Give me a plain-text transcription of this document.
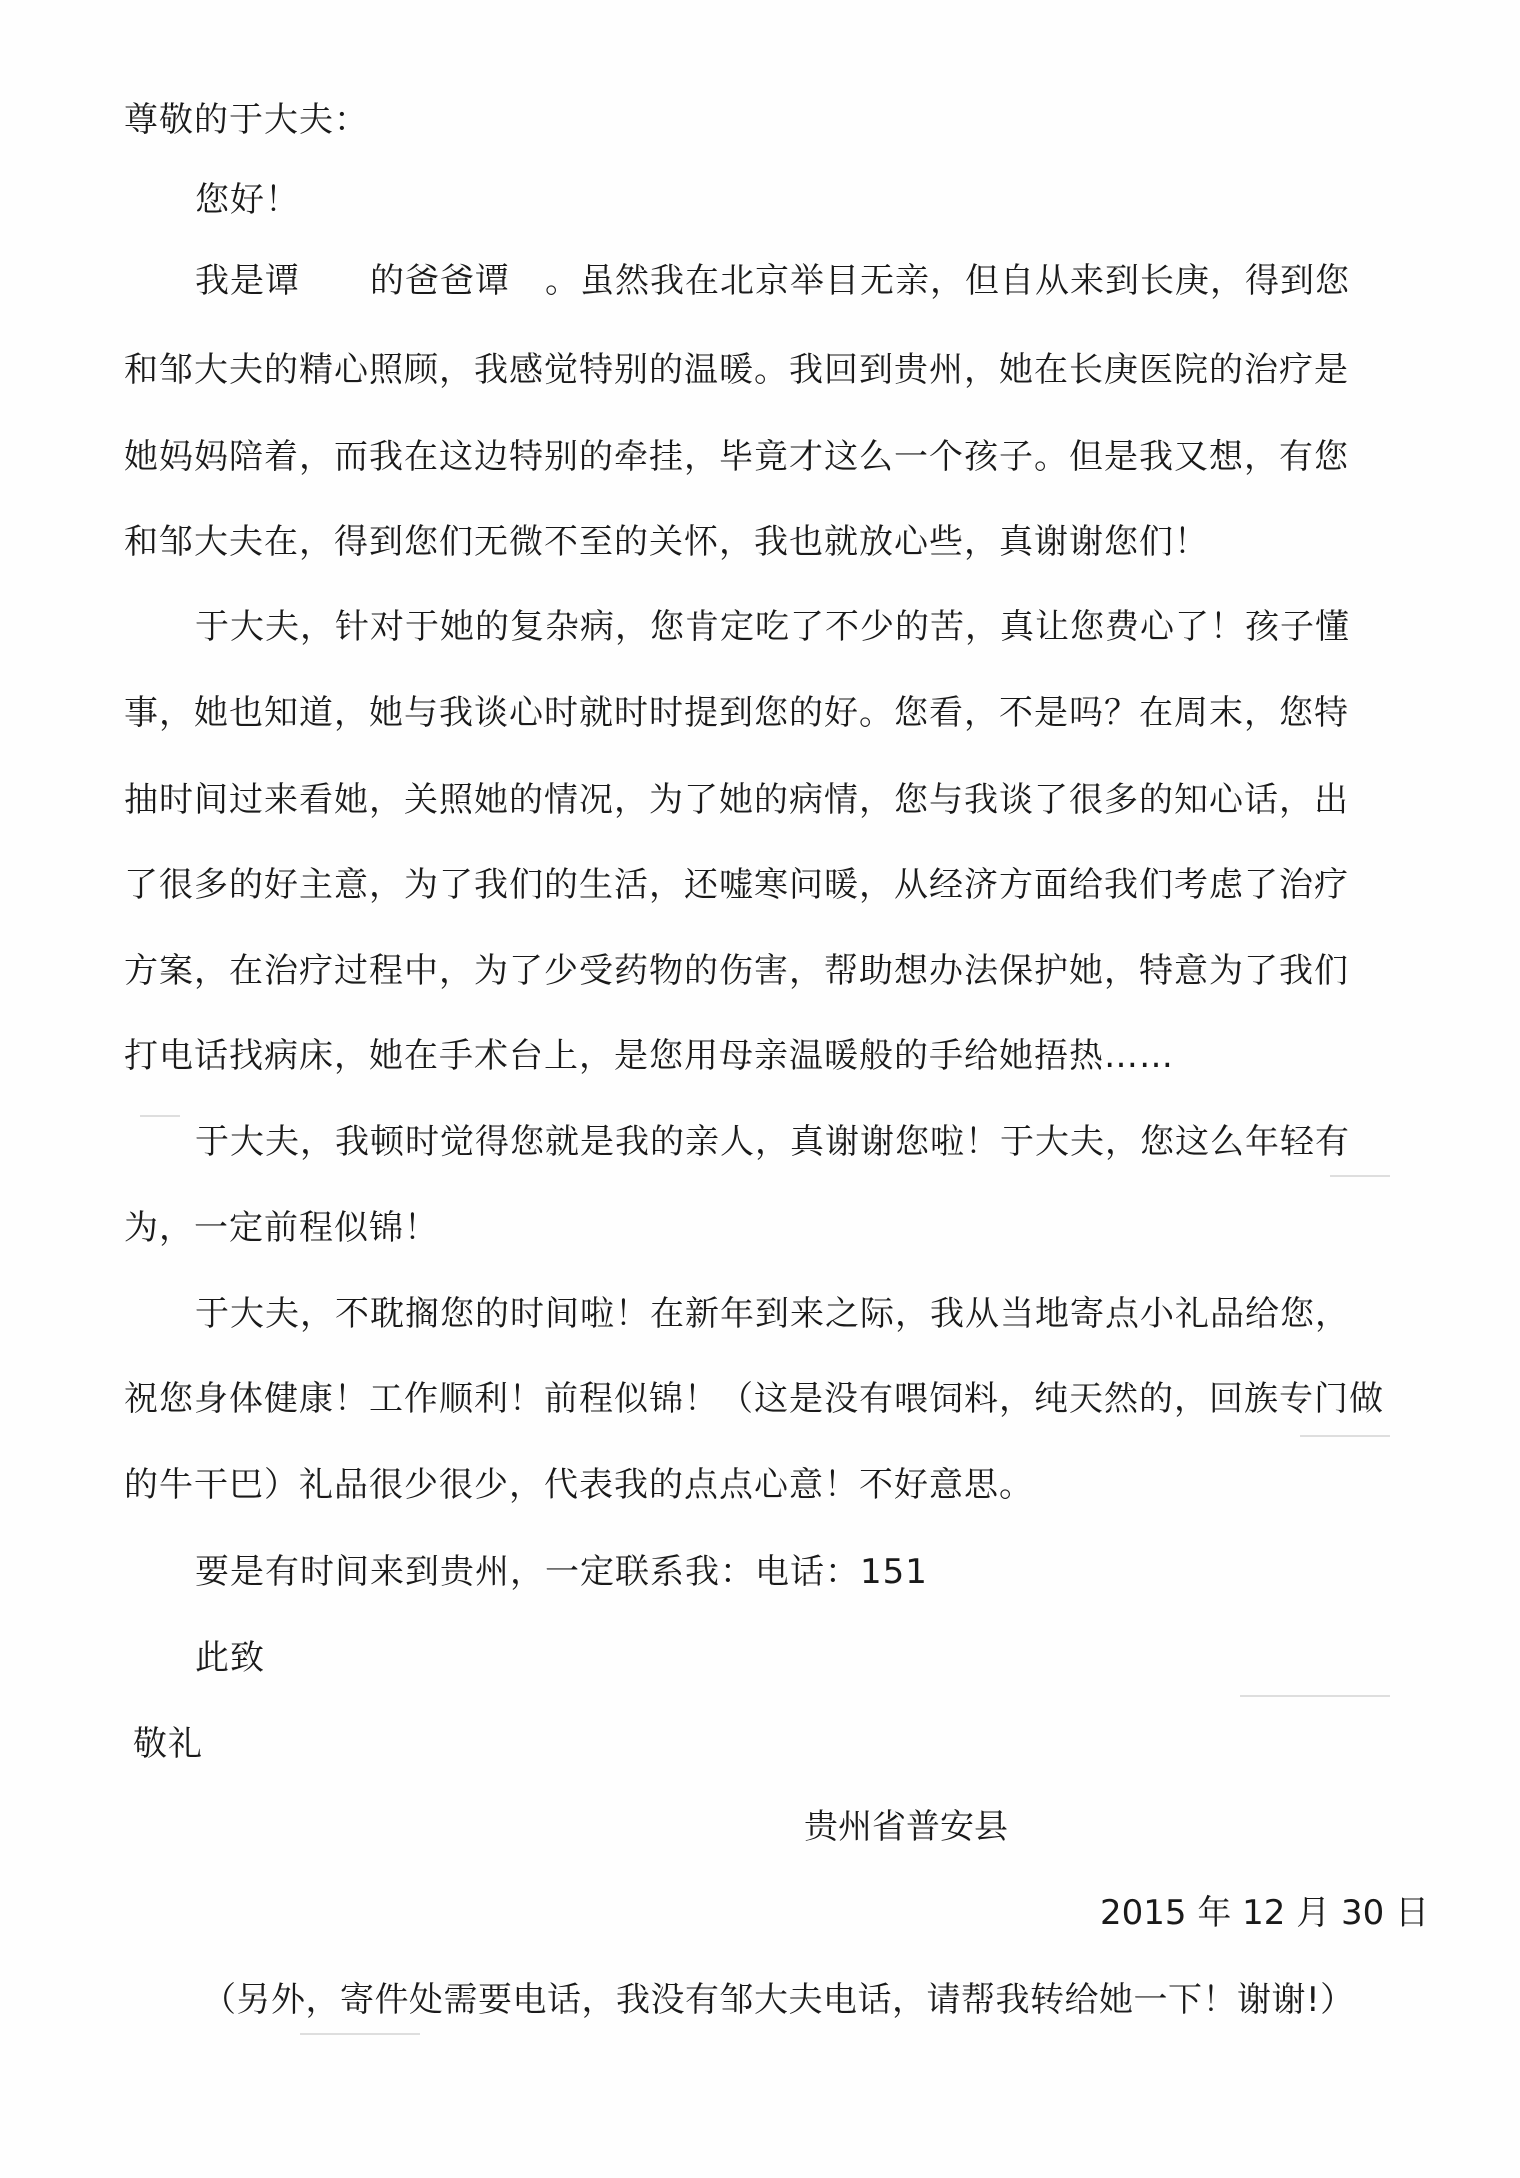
尊敬的于大夫：
您好！
我是谭　　的爸爸谭　。虽然我在北京举目无亲，但自从来到长庚，得到您
和邹大夫的精心照顾，我感觉特别的温暖。我回到贵州，她在长庚医院的治疗是
她妈妈陪着，而我在这边特别的牵挂，毕竟才这么一个孩子。但是我又想，有您
和邹大夫在，得到您们无微不至的关怀，我也就放心些，真谢谢您们！
于大夫，针对于她的复杂病，您肯定吃了不少的苦，真让您费心了！孩子懂
事，她也知道，她与我谈心时就时时提到您的好。您看，不是吗？在周末，您特
抽时间过来看她，关照她的情况，为了她的病情，您与我谈了很多的知心话，出
了很多的好主意，为了我们的生活，还嘘寒问暖，从经济方面给我们考虑了治疗
方案，在治疗过程中，为了少受药物的伤害，帮助想办法保护她，特意为了我们
打电话找病床，她在手术台上，是您用母亲温暖般的手给她捂热……
于大夫，我顿时觉得您就是我的亲人，真谢谢您啦！于大夫，您这么年轻有
为，一定前程似锦！
于大夫，不耽搁您的时间啦！在新年到来之际，我从当地寄点小礼品给您，
祝您身体健康！工作顺利！前程似锦！（这是没有喂饲料，纯天然的，回族专门做
的牛干巴）礼品很少很少，代表我的点点心意！不好意思。
要是有时间来到贵州，一定联系我：电话：151
此致
敬礼
贵州省普安县
2015 年 12 月 30 日
（另外，寄件处需要电话，我没有邹大夫电话，请帮我转给她一下！谢谢!）
